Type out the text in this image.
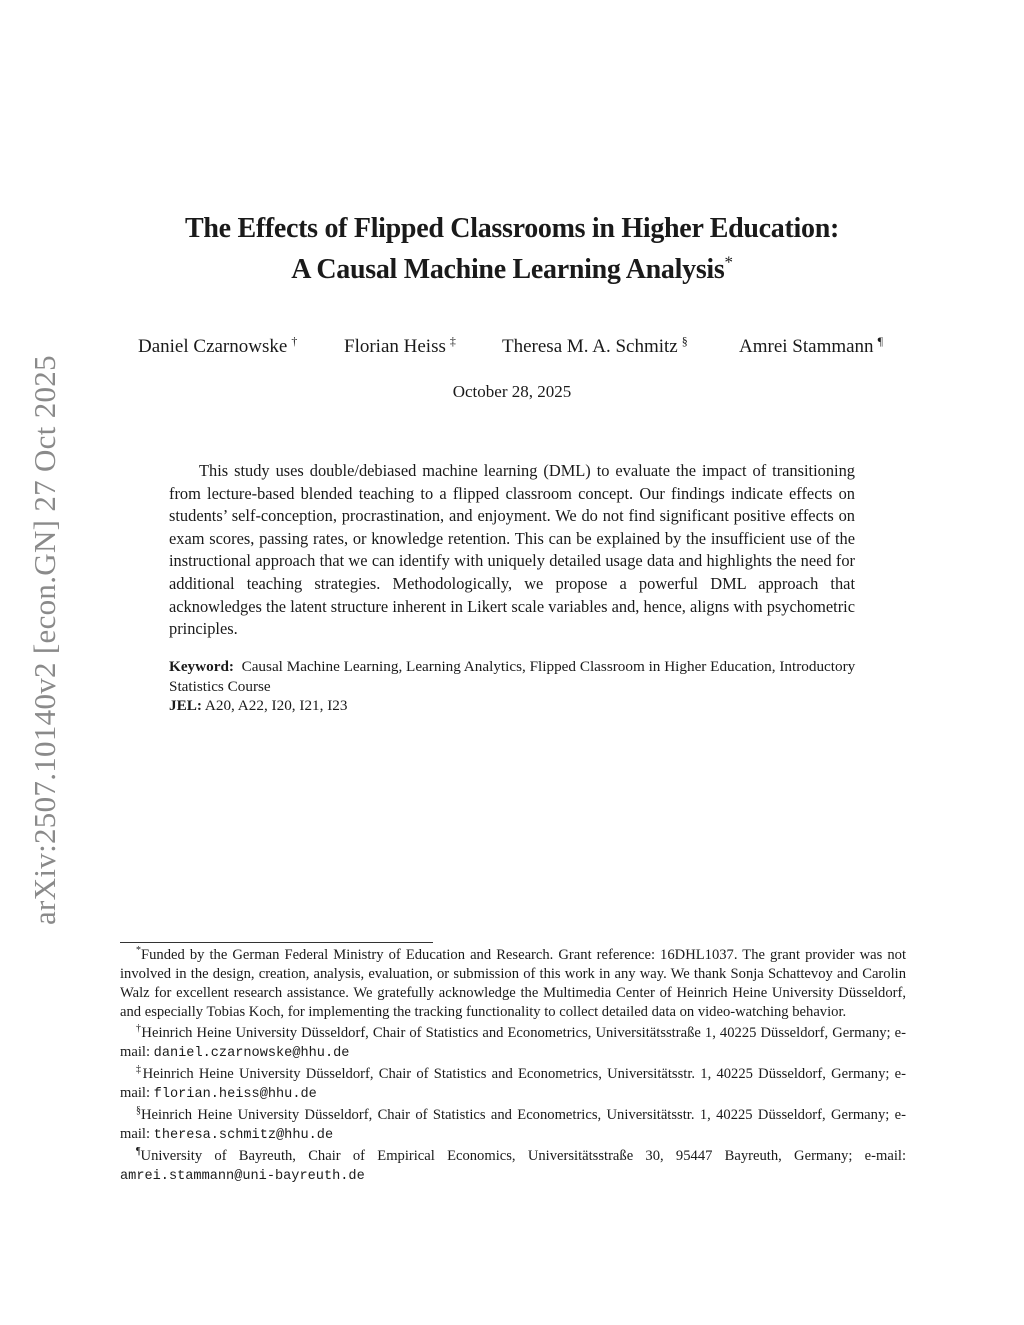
arXiv:2507.10140v2 [econ.GN] 27 Oct 2025
The Effects of Flipped Classrooms in Higher Education:
A Causal Machine Learning Analysis*
Daniel Czarnowske † Florian Heiss ‡ Theresa M. A. Schmitz §	Amrei Stammann ¶
October 28, 2025

This study uses double/debiased machine learning (DML) to evaluate the impact of transitioning from lecture-based blended teaching to a flipped classroom concept. Our findings indicate effects on students’ self-conception, procrastination, and enjoyment. We do not find significant positive effects on exam scores, passing rates, or knowledge retention. This can be explained by the insufficient use of the instructional approach that we can identify with uniquely detailed usage data and highlights the need for additional teaching strategies. Methodologically, we propose a powerful DML approach that acknowledges the latent structure inherent in Likert scale variables and, hence, aligns with psychometric principles.

Keyword: Causal Machine Learning, Learning Analytics, Flipped Classroom in Higher Education, Introductory Statistics Course
JEL: A20, A22, I20, I21, I23

*Funded by the German Federal Ministry of Education and Research. Grant reference: 16DHL1037. The grant provider was not involved in the design, creation, analysis, evaluation, or submission of this work in any way. We thank Sonja Schattevoy and Carolin Walz for excellent research assistance. We gratefully acknowledge the Multimedia Center of Heinrich Heine University Düsseldorf, and especially Tobias Koch, for implementing the tracking functionality to collect detailed data on video-watching behavior.

†Heinrich Heine University Düsseldorf, Chair of Statistics and Econometrics, Universitätsstraße 1, 40225 Düsseldorf, Germany; e-mail: daniel.czarnowske@hhu.de

‡Heinrich Heine University Düsseldorf, Chair of Statistics and Econometrics, Universitätsstr. 1, 40225 Düsseldorf, Germany; e-mail: florian.heiss@hhu.de

§Heinrich Heine University Düsseldorf, Chair of Statistics and Econometrics, Universitätsstr. 1, 40225 Düsseldorf, Germany; e-mail: theresa.schmitz@hhu.de

¶University of Bayreuth, Chair of Empirical Economics, Universitätsstraße 30, 95447 Bayreuth, Germany; e-mail: amrei.stammann@uni-bayreuth.de
